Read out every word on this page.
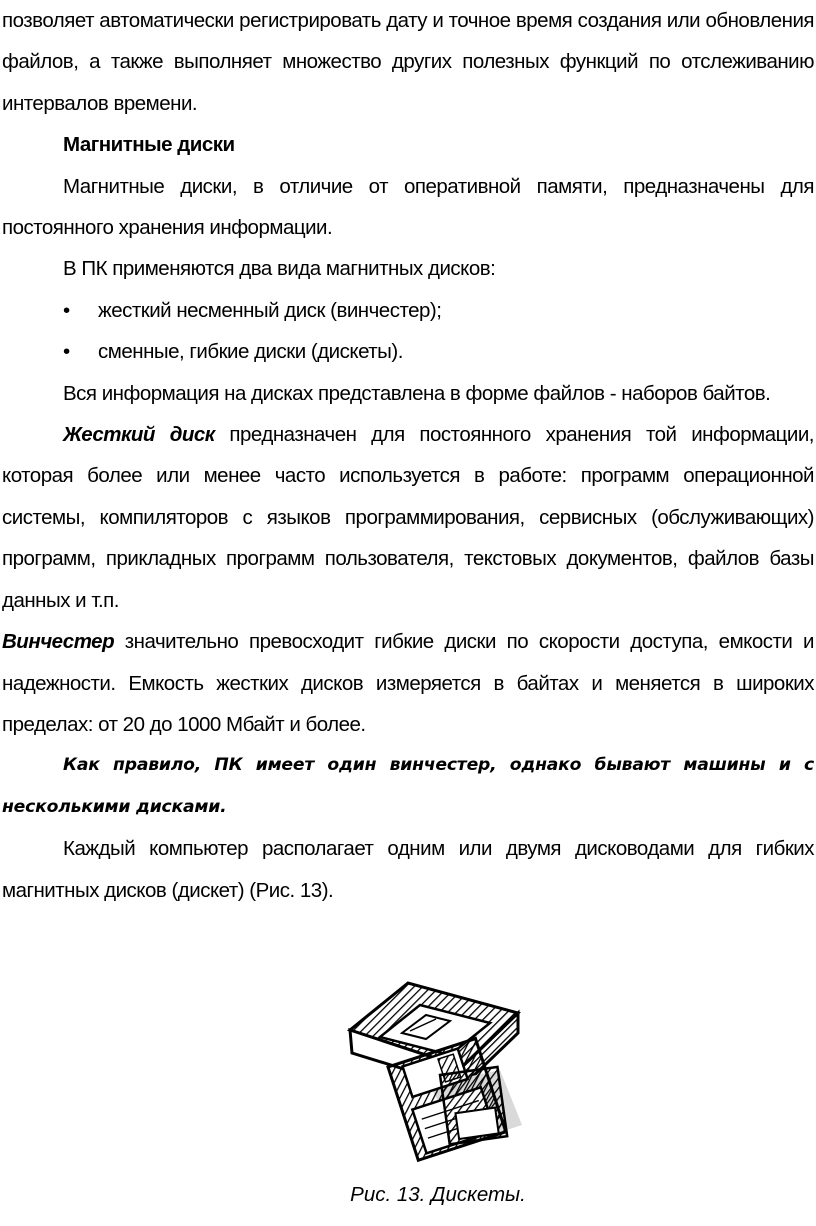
позволяет автоматически регистрировать дату и точное время создания или обновления файлов, а также выполняет множество других полезных функций по отслеживанию интервалов времени.

Магнитные диски

Магнитные диски, в отличие от оперативной памяти, предназначены для постоянного хранения информации.

В ПК применяются два вида магнитных дисков:

• жесткий несменный диск (винчестер);

• сменные, гибкие диски (дискеты).

Вся информация на дисках представлена в форме файлов - наборов байтов.

Жесткий диск предназначен для постоянного хранения той информации, которая более или менее часто используется в работе: программ операционной системы, компиляторов с языков программирования, сервисных (обслуживающих) программ, прикладных программ пользователя, текстовых документов, файлов базы данных и т.п.

Винчестер значительно превосходит гибкие диски по скорости доступа, емкости и надежности. Емкость жестких дисков измеряется в байтах и меняется в широких пределах: от 20 до 1000 Мбайт и более.

Как правило, ПК имеет один винчестер, однако бывают машины и с несколькими дисками.

Каждый компьютер располагает одним или двумя дисководами для гибких магнитных дисков (дискет) (Рис. 13).

Рис. 13. Дискеты.
